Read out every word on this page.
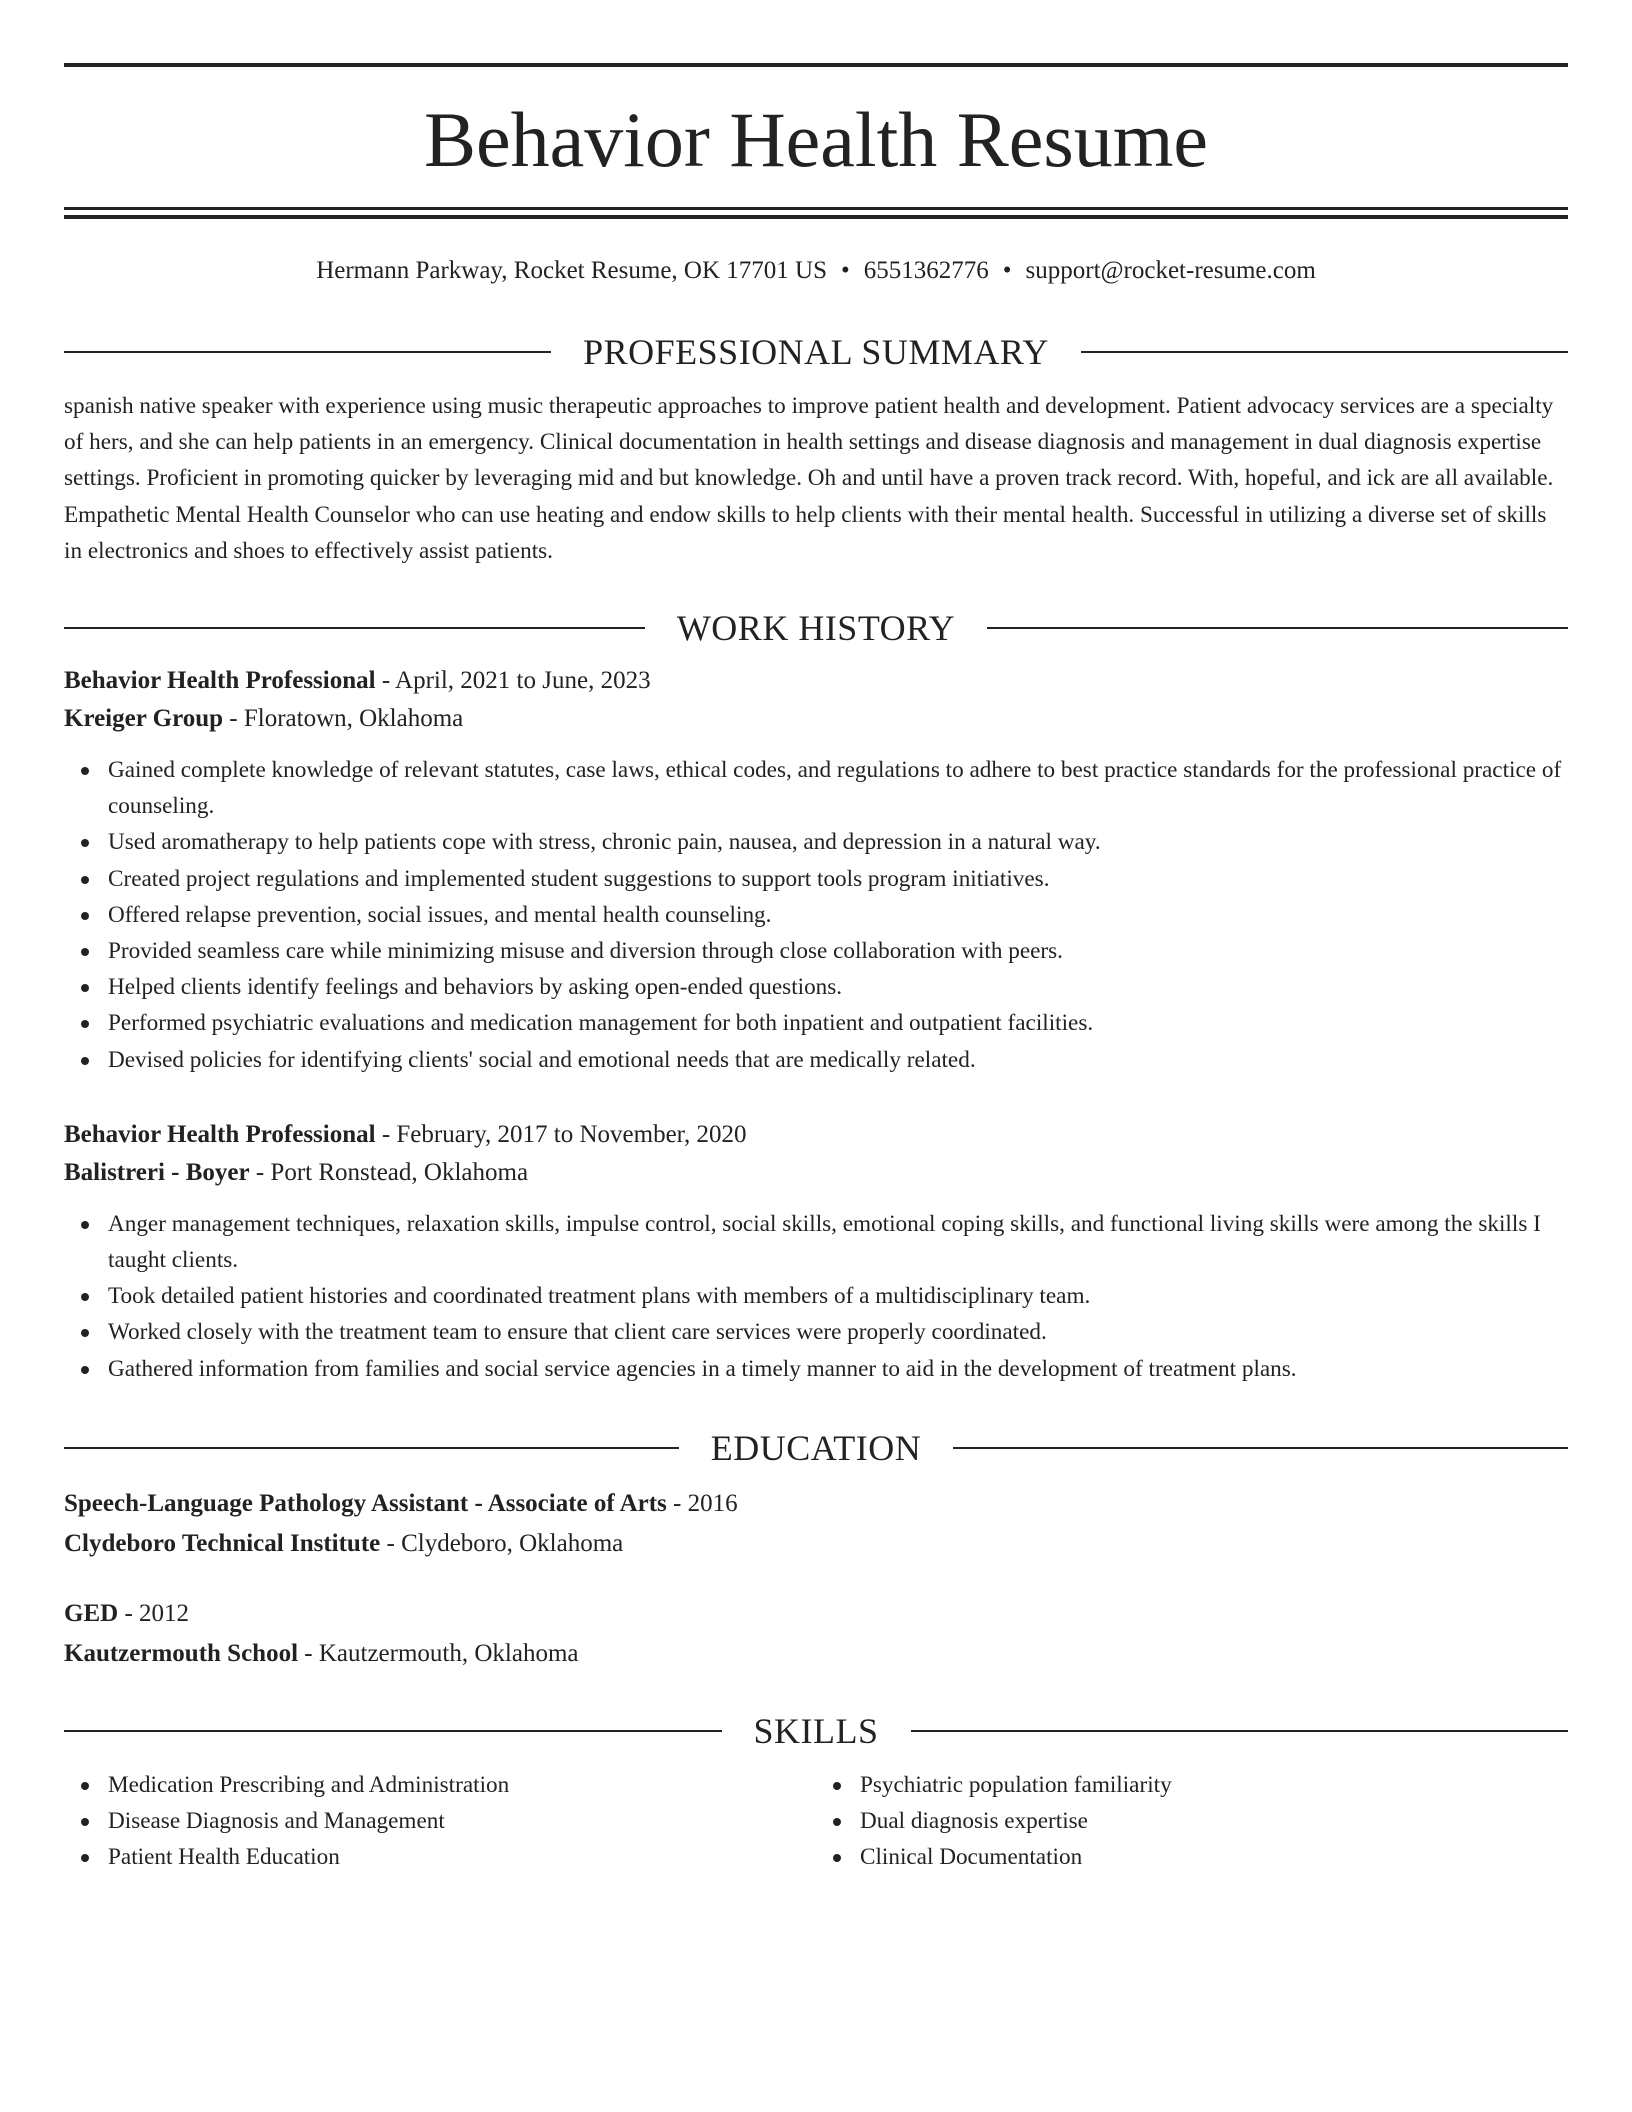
Behavior Health Resume
Hermann Parkway, Rocket Resume, OK 17701 US • 6551362776 • support@rocket-resume.com
PROFESSIONAL SUMMARY

spanish native speaker with experience using music therapeutic approaches to improve patient health and development. Patient advocacy services are a specialty of hers, and she can help patients in an emergency. Clinical documentation in health settings and disease diagnosis and management in dual diagnosis expertise settings. Proficient in promoting quicker by leveraging mid and but knowledge. Oh and until have a proven track record. With, hopeful, and ick are all available. Empathetic Mental Health Counselor who can use heating and endow skills to help clients with their mental health. Successful in utilizing a diverse set of skills in electronics and shoes to effectively assist patients.

WORK HISTORY

Behavior Health Professional - April, 2021 to June, 2023

Kreiger Group - Floratown, Oklahoma

Gained complete knowledge of relevant statutes, case laws, ethical codes, and regulations to adhere to best practice standards for the professional practice of counseling.
Used aromatherapy to help patients cope with stress, chronic pain, nausea, and depression in a natural way.
Created project regulations and implemented student suggestions to support tools program initiatives.
Offered relapse prevention, social issues, and mental health counseling.
Provided seamless care while minimizing misuse and diversion through close collaboration with peers.
Helped clients identify feelings and behaviors by asking open-ended questions.
Performed psychiatric evaluations and medication management for both inpatient and outpatient facilities.
Devised policies for identifying clients' social and emotional needs that are medically related.

Behavior Health Professional - February, 2017 to November, 2020

Balistreri - Boyer - Port Ronstead, Oklahoma

Anger management techniques, relaxation skills, impulse control, social skills, emotional coping skills, and functional living skills were among the skills I taught clients.
Took detailed patient histories and coordinated treatment plans with members of a multidisciplinary team.
Worked closely with the treatment team to ensure that client care services were properly coordinated.
Gathered information from families and social service agencies in a timely manner to aid in the development of treatment plans.
EDUCATION

Speech-Language Pathology Assistant - Associate of Arts - 2016

Clydeboro Technical Institute - Clydeboro, Oklahoma

GED - 2012

Kautzermouth School - Kautzermouth, Oklahoma

SKILLS
Medication Prescribing and Administration
Disease Diagnosis and Management
Patient Health Education
Psychiatric population familiarity
Dual diagnosis expertise
Clinical Documentation
